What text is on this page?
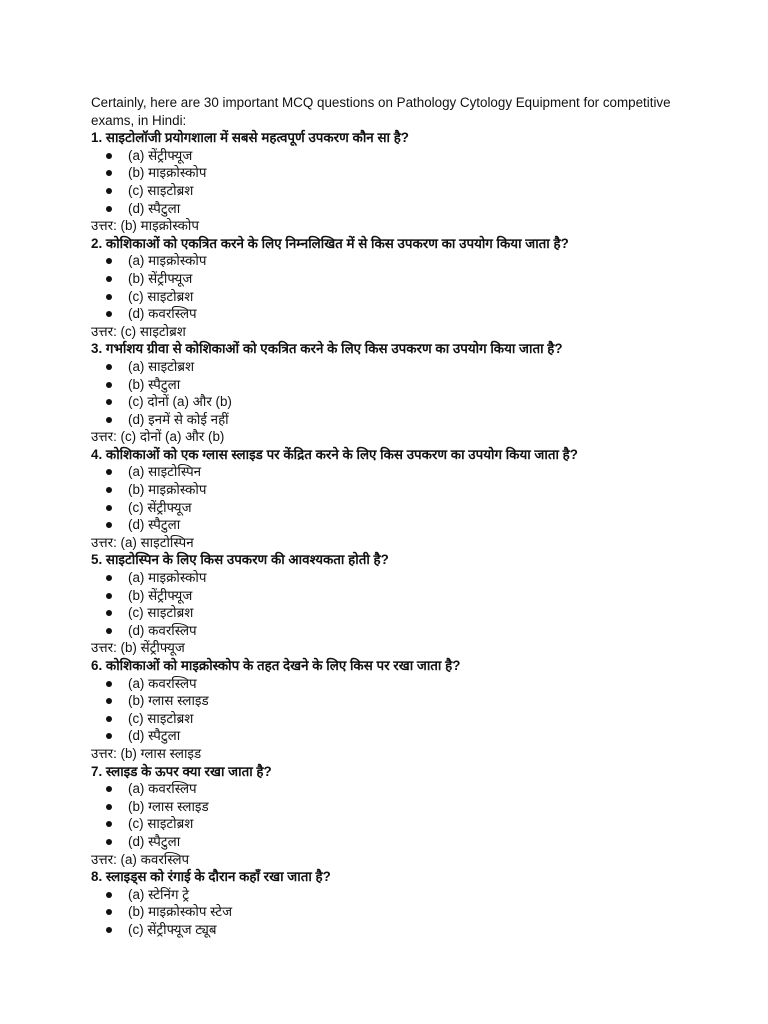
Certainly, here are 30 important MCQ questions on Pathology Cytology Equipment for competitive exams, in Hindi:

1. साइटोलॉजी प्रयोगशाला में सबसे महत्वपूर्ण उपकरण कौन सा है?

(a) सेंट्रीफ्यूज
(b) माइक्रोस्कोप
(c) साइटोब्रश
(d) स्पैटुला

उत्तर: (b) माइक्रोस्कोप

2. कोशिकाओं को एकत्रित करने के लिए निम्नलिखित में से किस उपकरण का उपयोग किया जाता है?

(a) माइक्रोस्कोप
(b) सेंट्रीफ्यूज
(c) साइटोब्रश
(d) कवरस्लिप

उत्तर: (c) साइटोब्रश

3. गर्भाशय ग्रीवा से कोशिकाओं को एकत्रित करने के लिए किस उपकरण का उपयोग किया जाता है?

(a) साइटोब्रश
(b) स्पैटुला
(c) दोनों (a) और (b)
(d) इनमें से कोई नहीं

उत्तर: (c) दोनों (a) और (b)

4. कोशिकाओं को एक ग्लास स्लाइड पर केंद्रित करने के लिए किस उपकरण का उपयोग किया जाता है?

(a) साइटोस्पिन
(b) माइक्रोस्कोप
(c) सेंट्रीफ्यूज
(d) स्पैटुला

उत्तर: (a) साइटोस्पिन

5. साइटोस्पिन के लिए किस उपकरण की आवश्यकता होती है?

(a) माइक्रोस्कोप
(b) सेंट्रीफ्यूज
(c) साइटोब्रश
(d) कवरस्लिप

उत्तर: (b) सेंट्रीफ्यूज

6. कोशिकाओं को माइक्रोस्कोप के तहत देखने के लिए किस पर रखा जाता है?

(a) कवरस्लिप
(b) ग्लास स्लाइड
(c) साइटोब्रश
(d) स्पैटुला

उत्तर: (b) ग्लास स्लाइड

7. स्लाइड के ऊपर क्या रखा जाता है?

(a) कवरस्लिप
(b) ग्लास स्लाइड
(c) साइटोब्रश
(d) स्पैटुला

उत्तर: (a) कवरस्लिप

8. स्लाइड्स को रंगाई के दौरान कहाँ रखा जाता है?

(a) स्टेनिंग ट्रे
(b) माइक्रोस्कोप स्टेज
(c) सेंट्रीफ्यूज ट्यूब
